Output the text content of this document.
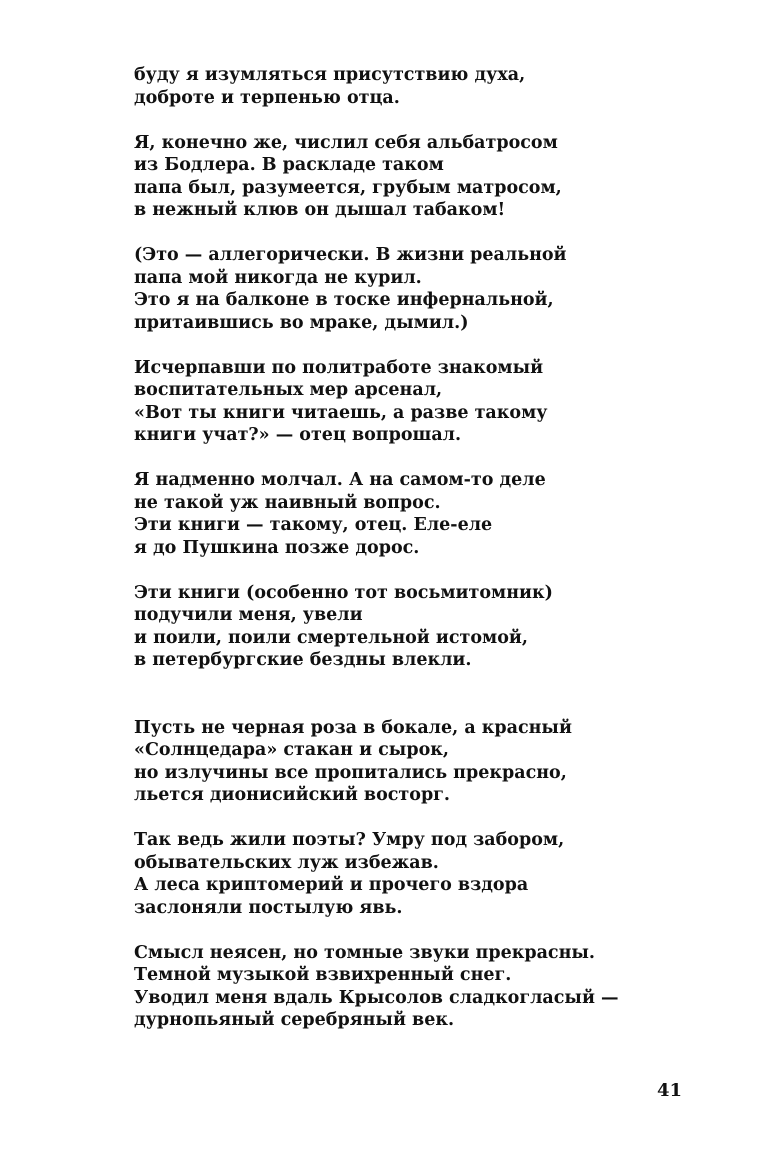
буду я изумляться присутствию духа,
доброте и терпенью отца.
Я, конечно же, числил себя альбатросом
из Бодлера. В раскладе таком
папа был, разумеется, грубым матросом,
в нежный клюв он дышал табаком!
(Это — аллегорически. В жизни реальной
папа мой никогда не курил.
Это я на балконе в тоске инфернальной,
притаившись во мраке, дымил.)
Исчерпавши по политработе знакомый
воспитательных мер арсенал,
«Вот ты книги читаешь, а разве такому
книги учат?» — отец вопрошал.
Я надменно молчал. А на самом-то деле
не такой уж наивный вопрос.
Эти книги — такому, отец. Еле-еле
я до Пушкина позже дорос.
Эти книги (особенно тот восьмитомник)
подучили меня, увели
и поили, поили смертельной истомой,
в петербургские бездны влекли.
Пусть не черная роза в бокале, а красный
«Солнцедара» стакан и сырок,
но излучины все пропитались прекрасно,
льется дионисийский восторг.
Так ведь жили поэты? Умру под забором,
обывательских луж избежав.
А леса криптомерий и прочего вздора
заслоняли постылую явь.
Смысл неясен, но томные звуки прекрасны.
Темной музыкой взвихренный снег.
Уводил меня вдаль Крысолов сладкогласый —
дурнопьяный серебряный век.
41
